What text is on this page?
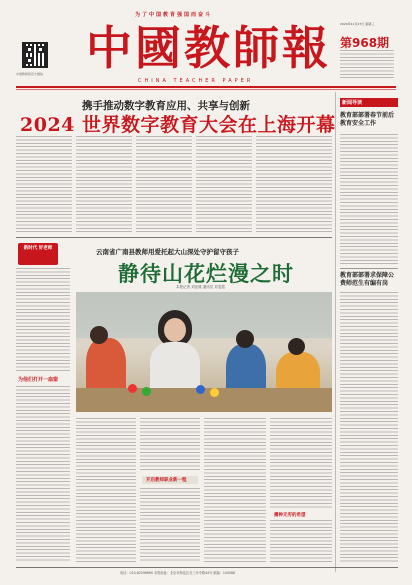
为了中国教育强国而奋斗
中国教师报官方微信 中國教師報
CHINA TEACHER PAPER
2024年11月27日 星期三
第968期
携手推动数字教育应用、共享与创新
2024 世界数字教育大会在上海开幕
新闻导读
教育部部署春节前后教育安全工作
教育部部署求保障公费师范生有编有岗
新时代 好老师
为他们打开一扇窗
云南省广南县教师用爱托起大山深处守护留守孩子
静待山花烂漫之时
本报记者 刘亚雄 通讯员 邓雯霞
开启教师职业新一程
播种无穷的希望
电话：010-82296660 本报地址：北京市海淀区北三环中路44号 邮编：100088
